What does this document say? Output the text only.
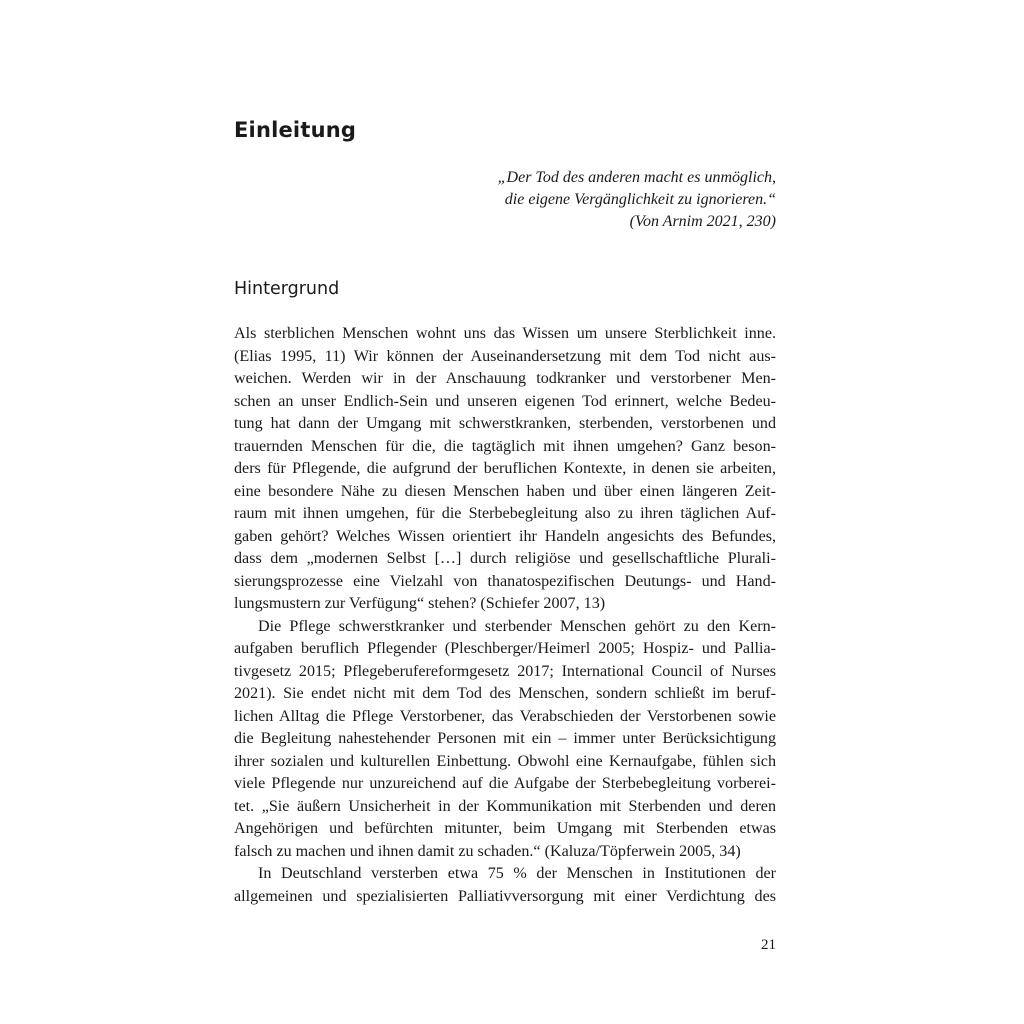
Einleitung
„Der Tod des anderen macht es unmöglich,
die eigene Vergänglichkeit zu ignorieren.“
(Von Arnim 2021, 230)
Hintergrund
Als sterblichen Menschen wohnt uns das Wissen um unsere Sterblichkeit inne.
(Elias 1995, 11) Wir können der Auseinandersetzung mit dem Tod nicht aus-
weichen. Werden wir in der Anschauung todkranker und verstorbener Men-
schen an unser Endlich-Sein und unseren eigenen Tod erinnert, welche Bedeu-
tung hat dann der Umgang mit schwerstkranken, sterbenden, verstorbenen und
trauernden Menschen für die, die tagtäglich mit ihnen umgehen? Ganz beson-
ders für Pflegende, die aufgrund der beruflichen Kontexte, in denen sie arbeiten,
eine besondere Nähe zu diesen Menschen haben und über einen längeren Zeit-
raum mit ihnen umgehen, für die Sterbebegleitung also zu ihren täglichen Auf-
gaben gehört? Welches Wissen orientiert ihr Handeln angesichts des Befundes,
dass dem „modernen Selbst […] durch religiöse und gesellschaftliche Plurali-
sierungsprozesse eine Vielzahl von thanatospezifischen Deutungs- und Hand-
lungsmustern zur Verfügung“ stehen? (Schiefer 2007, 13)
Die Pflege schwerstkranker und sterbender Menschen gehört zu den Kern-
aufgaben beruflich Pflegender (Pleschberger/Heimerl 2005; Hospiz- und Pallia-
tivgesetz 2015; Pflegeberufereformgesetz 2017; International Council of Nurses
2021). Sie endet nicht mit dem Tod des Menschen, sondern schließt im beruf-
lichen Alltag die Pflege Verstorbener, das Verabschieden der Verstorbenen sowie
die Begleitung nahestehender Personen mit ein – immer unter Berücksichtigung
ihrer sozialen und kulturellen Einbettung. Obwohl eine Kernaufgabe, fühlen sich
viele Pflegende nur unzureichend auf die Aufgabe der Sterbebegleitung vorberei-
tet. „Sie äußern Unsicherheit in der Kommunikation mit Sterbenden und deren
Angehörigen und befürchten mitunter, beim Umgang mit Sterbenden etwas
falsch zu machen und ihnen damit zu schaden.“ (Kaluza/Töpferwein 2005, 34)
In Deutschland versterben etwa 75 % der Menschen in Institutionen der
allgemeinen und spezialisierten Palliativversorgung mit einer Verdichtung des
21
